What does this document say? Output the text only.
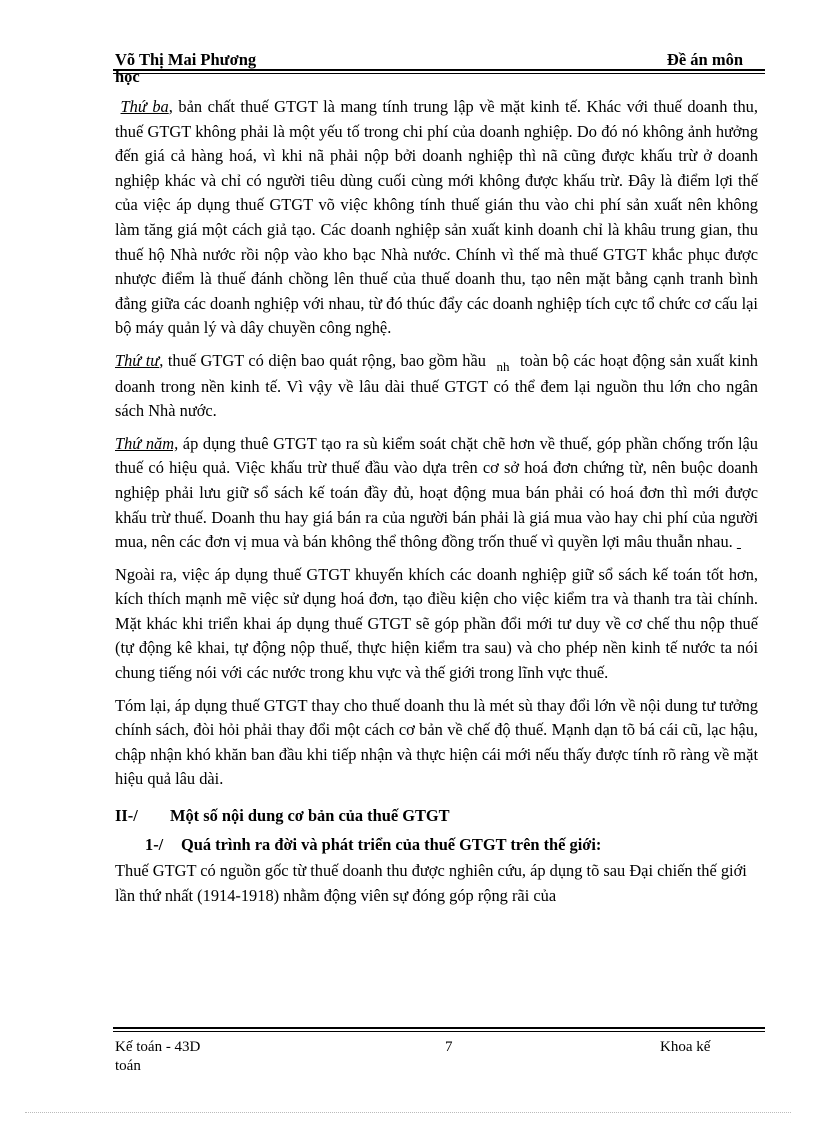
Võ Thị Mai Phương	Đề án môn
học

Thứ ba, bản chất thuế GTGT là mang tính trung lập về mặt kinh tế. Khác với thuế doanh thu, thuế GTGT không phải là một yếu tố trong chi phí của doanh nghiệp. Do đó nó không ảnh hưởng đến giá cả hàng hoá, vì khi nã phải nộp bởi doanh nghiệp thì nã cũng được khấu trừ ở doanh nghiệp khác và chỉ có người tiêu dùng cuối cùng mới không được khấu trừ. Đây là điểm lợi thế của việc áp dụng thuế GTGT võ việc không tính thuế gián thu vào chi phí sản xuất nên không làm tăng giá một cách giả tạo. Các doanh nghiệp sản xuất kinh doanh chỉ là khâu trung gian, thu thuế hộ Nhà nước rồi nộp vào kho bạc Nhà nước. Chính vì thế mà thuế GTGT khắc phục được nhược điểm là thuế đánh chồng lên thuế của thuế doanh thu, tạo nên mặt bằng cạnh tranh bình đẳng giữa các doanh nghiệp với nhau, từ đó thúc đẩy các doanh nghiệp tích cực tổ chức cơ cấu lại bộ máy quản lý và dây chuyền công nghệ.

Thứ tư, thuế GTGT có diện bao quát rộng, bao gồm hầu $_{nh}$ toàn bộ các hoạt động sản xuất kinh doanh trong nền kinh tế. Vì vậy về lâu dài thuế GTGT có thể đem lại nguồn thu lớn cho ngân sách Nhà nước.

Thứ năm, áp dụng thuê GTGT tạo ra sù kiểm soát chặt chẽ hơn về thuế, góp phần chống trốn lậu thuế có hiệu quả. Việc khấu trừ thuế đầu vào dựa trên cơ sở hoá đơn chứng từ, nên buộc doanh nghiệp phải lưu giữ sổ sách kế toán đầy đủ, hoạt động mua bán phải có hoá đơn thì mới được khấu trừ thuế. Doanh thu hay giá bán ra của người bán phải là giá mua vào hay chi phí của người mua, nên các đơn vị mua và bán không thể thông đồng trốn thuế vì quyền lợi mâu thuẫn nhau.

Ngoài ra, việc áp dụng thuế GTGT khuyến khích các doanh nghiệp giữ sổ sách kế toán tốt hơn, kích thích mạnh mẽ việc sử dụng hoá đơn, tạo điều kiện cho việc kiểm tra và thanh tra tài chính. Mặt khác khi triển khai áp dụng thuế GTGT sẽ góp phần đổi mới tư duy về cơ chế thu nộp thuế (tự động kê khai, tự động nộp thuế, thực hiện kiểm tra sau) và cho phép nền kinh tế nước ta nói chung tiếng nói với các nước trong khu vực và thế giới trong lĩnh vực thuế.

Tóm lại, áp dụng thuế GTGT thay cho thuế doanh thu là mét sù thay đổi lớn về nội dung tư tưởng chính sách, đòi hỏi phải thay đổi một cách cơ bản về chế độ thuế. Mạnh dạn tõ bá cái cũ, lạc hậu, chập nhận khó khăn ban đầu khi tiếp nhận và thực hiện cái mới nếu thấy được tính rõ ràng về mặt hiệu quả lâu dài.

II-/	Một số nội dung cơ bản của thuế GTGT
1-/	Quá trình ra đời và phát triển của thuế GTGT trên thế giới:

Thuế GTGT có nguồn gốc từ thuế doanh thu được nghiên cứu, áp dụng tõ sau Đại chiến thế giới lần thứ nhất (1914-1918) nhằm động viên sự đóng góp rộng rãi của

Kế toán - 43D	7	Khoa kế
toán
